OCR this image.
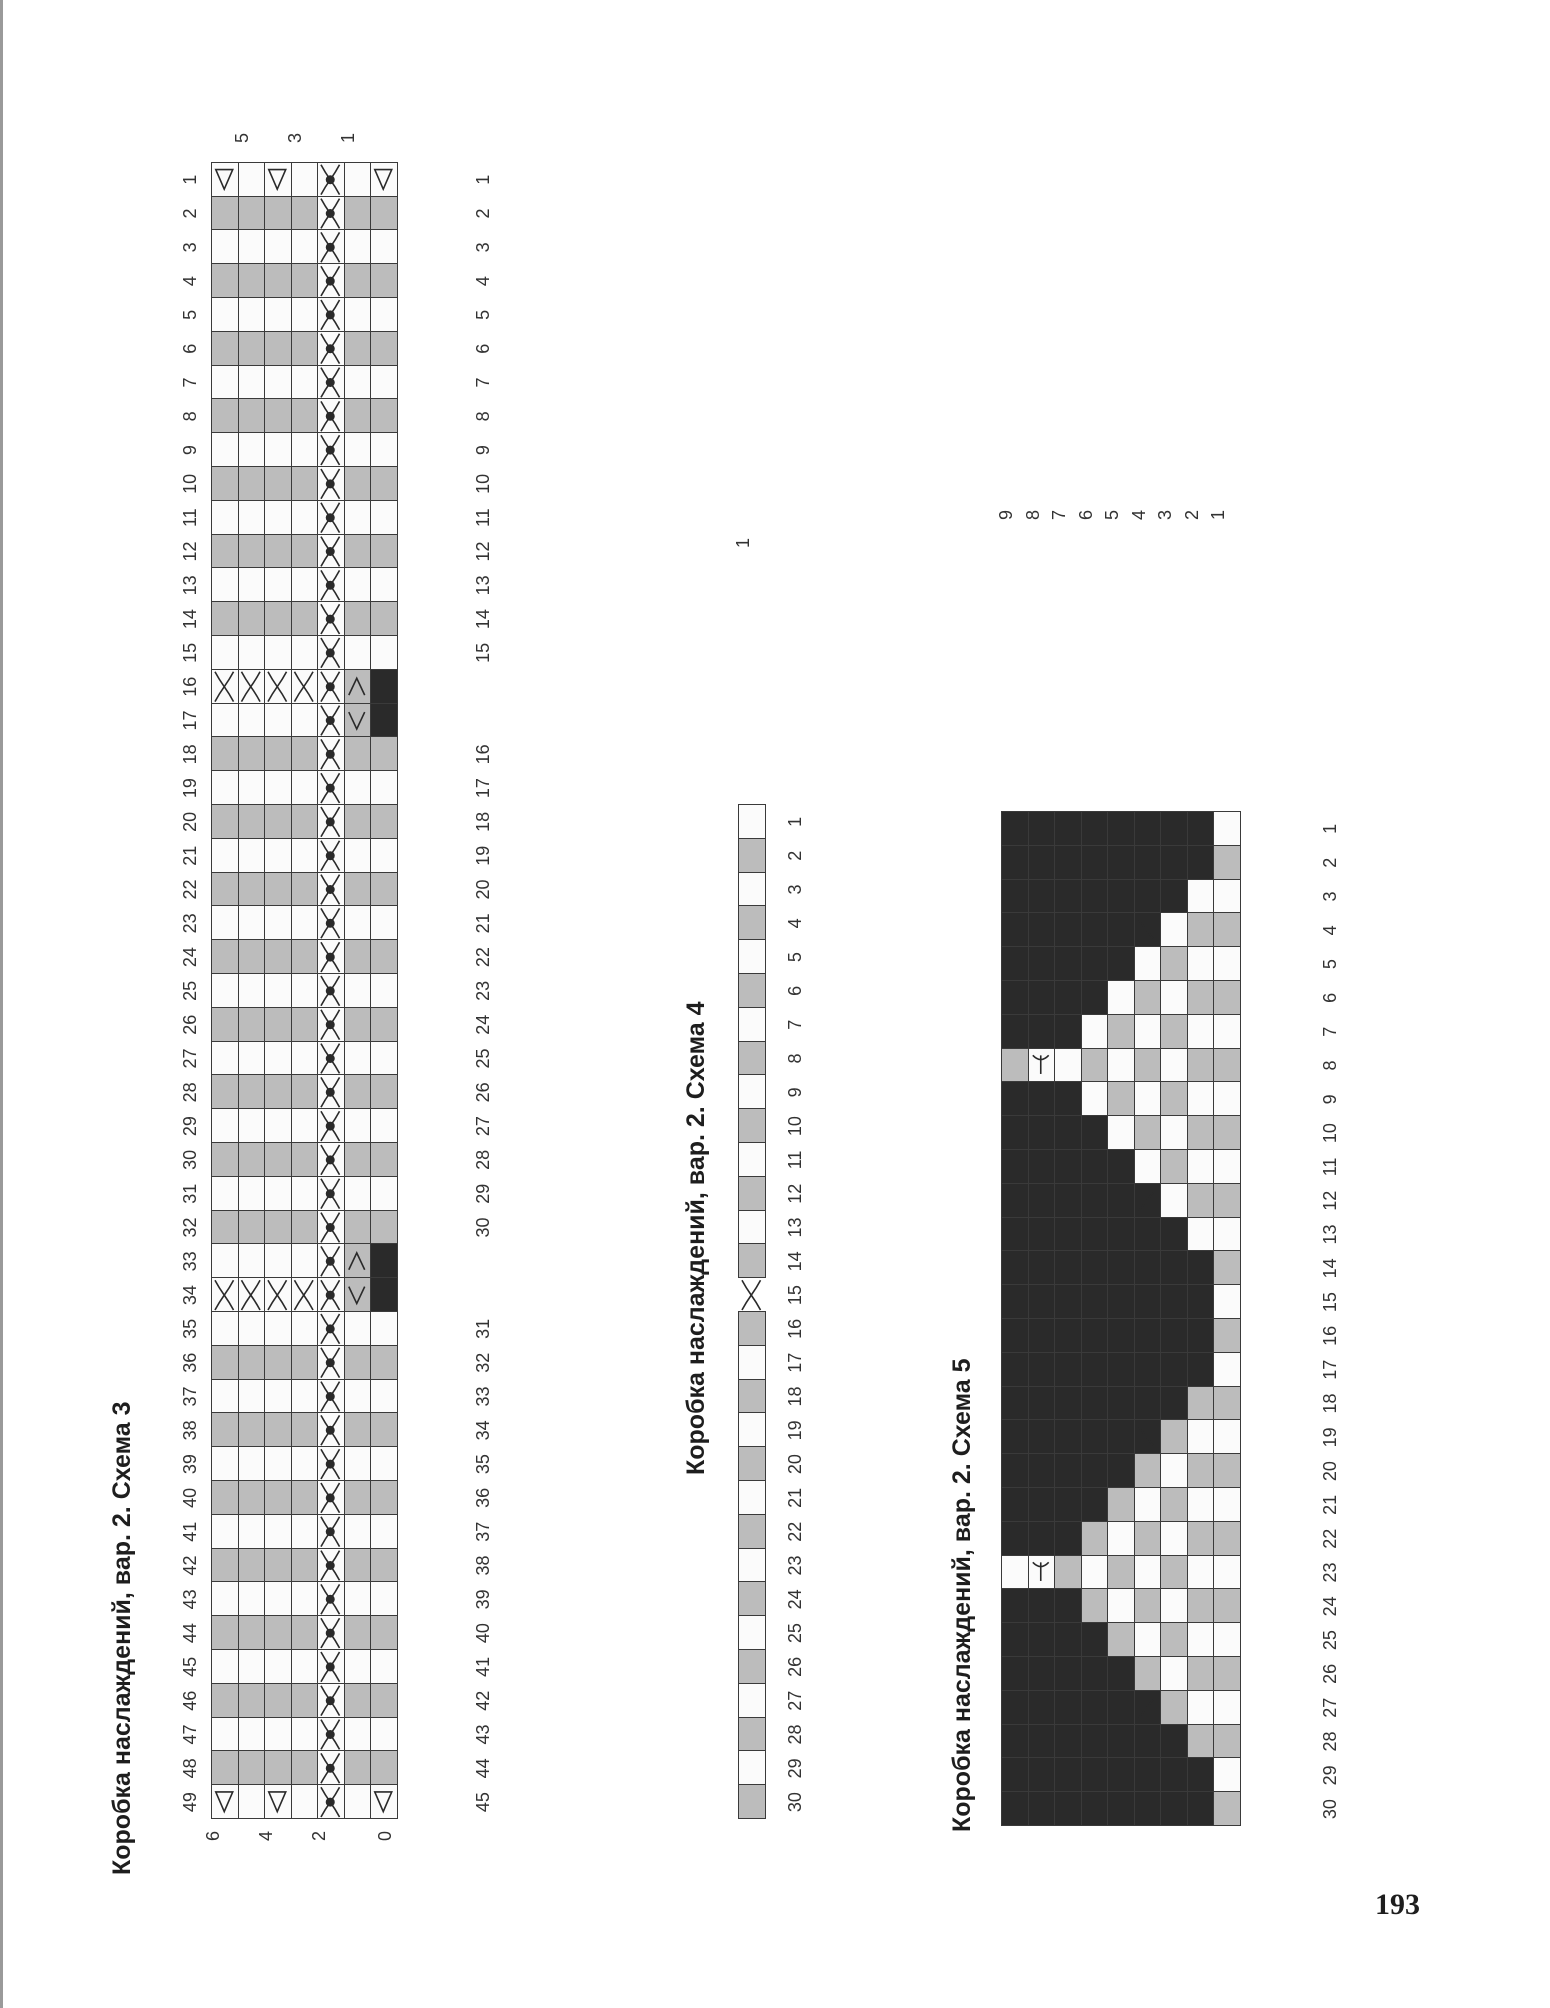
Коробка наслаждений, вар. 2. Схема 3
Коробка наслаждений, вар. 2. Схема 4
Коробка наслаждений, вар. 2. Схема 5
6 4 2	0
5 3 1
1
2
3
4
5
6
7
8
9
10
11
12
13
14
15
16
17
18
19
20
21
22
23
24
25
26
27
28
29
30
31
32
33
34
35
36
37
38
39
40
41
42
43
44
45
46
47
48
49
1
2
3
4
5
6
7
8
9
10
11
12
13
14
15
16
17
18
19
20
21
22
23
24
25
26
27
28
29
30
31
32
33
34
35
36
37
38
39
40
41
42
43
44
45
1
1
2
3
4
5
6
7
8
9
10
11
12
13
14
15
16
17
18
19
20
21
22
23
24
25
26
27
28
29
30
1
2
3
4
5
6
7
8
9
1
2
3
4
5
6
7
8
9
10
11
12
13
14
15
16
17
18
19
20
21
22
23
24
25
26
27
28
29
30
193
